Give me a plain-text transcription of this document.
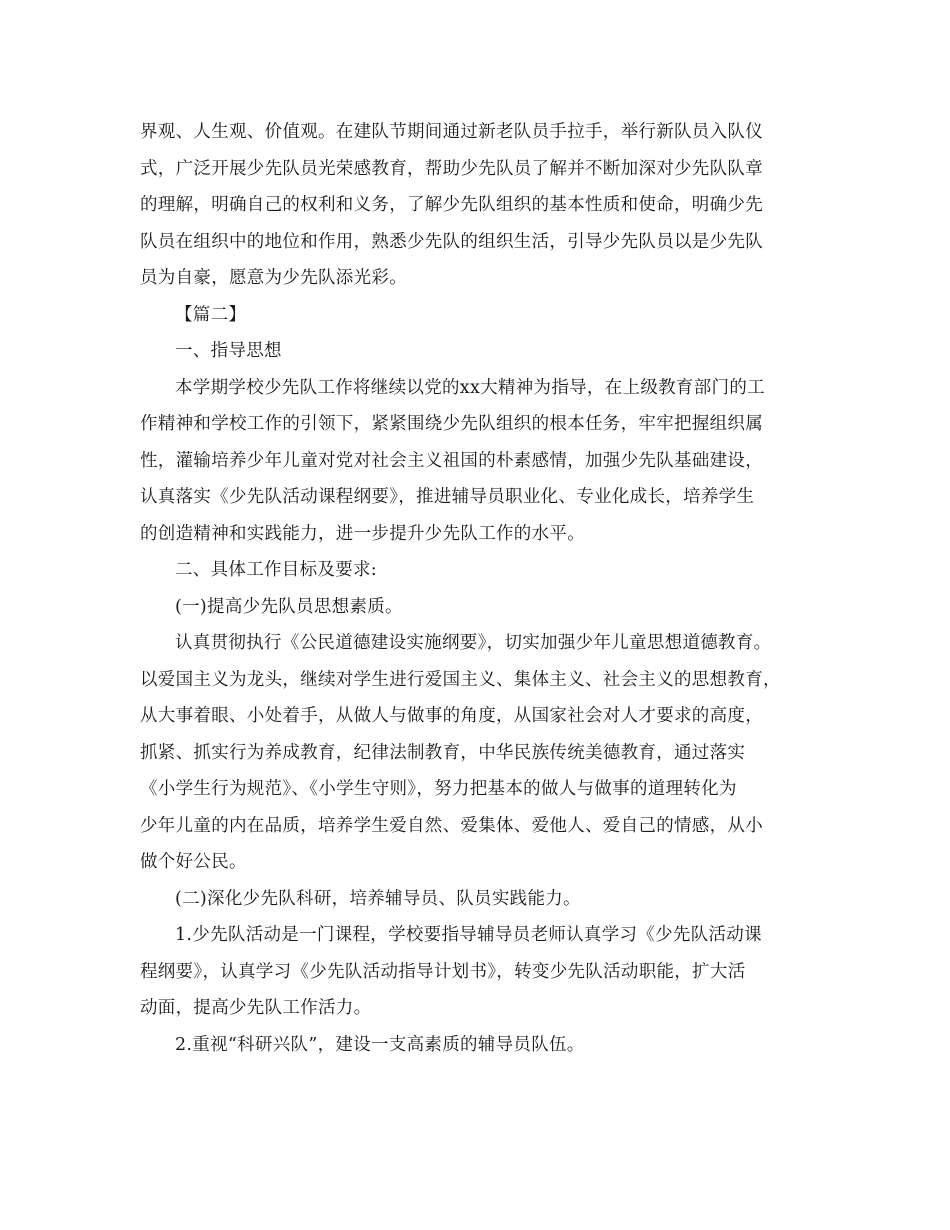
界观、人生观、价值观。在建队节期间通过新老队员手拉手，举行新队员入队仪
式，广泛开展少先队员光荣感教育，帮助少先队员了解并不断加深对少先队队章
的理解，明确自己的权利和义务，了解少先队组织的基本性质和使命，明确少先
队员在组织中的地位和作用，熟悉少先队的组织生活，引导少先队员以是少先队
员为自豪，愿意为少先队添光彩。
【篇二】
一、指导思想
本学期学校少先队工作将继续以党的xx大精神为指导，在上级教育部门的工
作精神和学校工作的引领下，紧紧围绕少先队组织的根本任务，牢牢把握组织属
性，灌输培养少年儿童对党对社会主义祖国的朴素感情，加强少先队基础建设，
认真落实《少先队活动课程纲要》，推进辅导员职业化、专业化成长，培养学生
的创造精神和实践能力，进一步提升少先队工作的水平。
二、具体工作目标及要求:
(一)提高少先队员思想素质。
认真贯彻执行《公民道德建设实施纲要》，切实加强少年儿童思想道德教育。
以爱国主义为龙头，继续对学生进行爱国主义、集体主义、社会主义的思想教育，
从大事着眼、小处着手，从做人与做事的角度，从国家社会对人才要求的高度，
抓紧、抓实行为养成教育，纪律法制教育，中华民族传统美德教育，通过落实
《小学生行为规范》、《小学生守则》，努力把基本的做人与做事的道理转化为
少年儿童的内在品质，培养学生爱自然、爱集体、爱他人、爱自己的情感，从小
做个好公民。
(二)深化少先队科研，培养辅导员、队员实践能力。
1.少先队活动是一门课程，学校要指导辅导员老师认真学习《少先队活动课
程纲要》，认真学习《少先队活动指导计划书》，转变少先队活动职能，扩大活
动面，提高少先队工作活力。
2.重视“科研兴队”，建设一支高素质的辅导员队伍。
